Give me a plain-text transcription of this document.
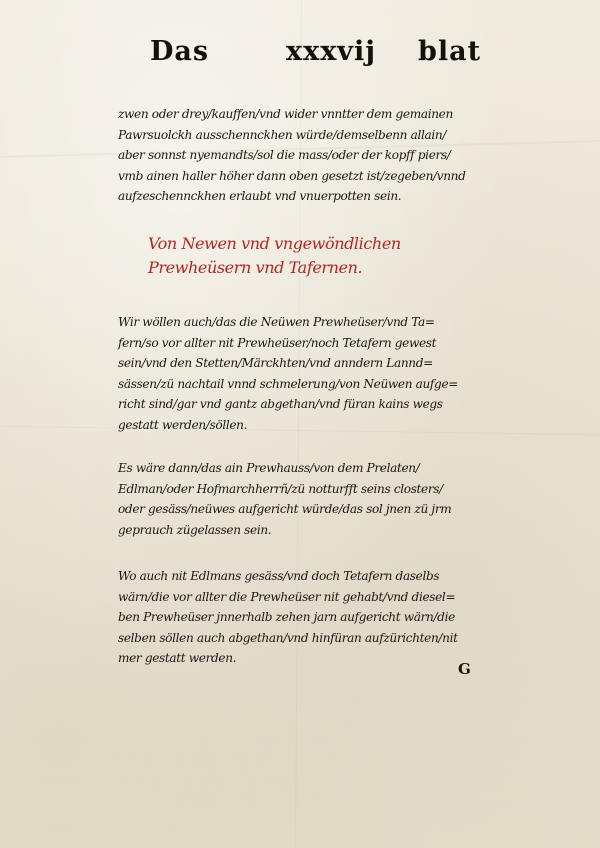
Das	xxxvij blat
zwen oder drey/kauffen/vnd wider vnntter dem gemainen
Pawrsuolckh ausschennckhen würde/demselbenn allain/
aber sonnst nyemandts/sol die mass/oder der kopff piers/
vmb ainen haller höher dann oben gesetzt ist/zegeben/vnnd
aufzeschennckhen erlaubt vnd vnuerpotten sein.
Von Newen vnd vngewöndlichen
Prewheüsern vnd Tafernen.
Wir wöllen auch/das die Neüwen Prewheüser/vnd Ta=
fern/so vor allter nit Prewheüser/noch Tetafern gewest
sein/vnd den Stetten/Märckhten/vnd anndern Lannd=
sässen/zü nachtail vnnd schmelerung/von Neüwen aufge=
richt sind/gar vnd gantz abgethan/vnd füran kains wegs
gestatt werden/söllen.
Es wäre dann/das ain Prewhauss/von dem Prelaten/
Edlman/oder Hofmarchherrñ/zü notturfft seins closters/
oder gesäss/neüwes aufgericht würde/das sol jnen zü jrm
geprauch zügelassen sein.
Wo auch nit Edlmans gesäss/vnd doch Tetafern daselbs
wärn/die vor allter die Prewheüser nit gehabt/vnd diesel=
ben Prewheüser jnnerhalb zehen jarn aufgericht wärn/die
selben söllen auch abgethan/vnd hinfüran aufzürichten/nit
mer gestatt werden.
G
